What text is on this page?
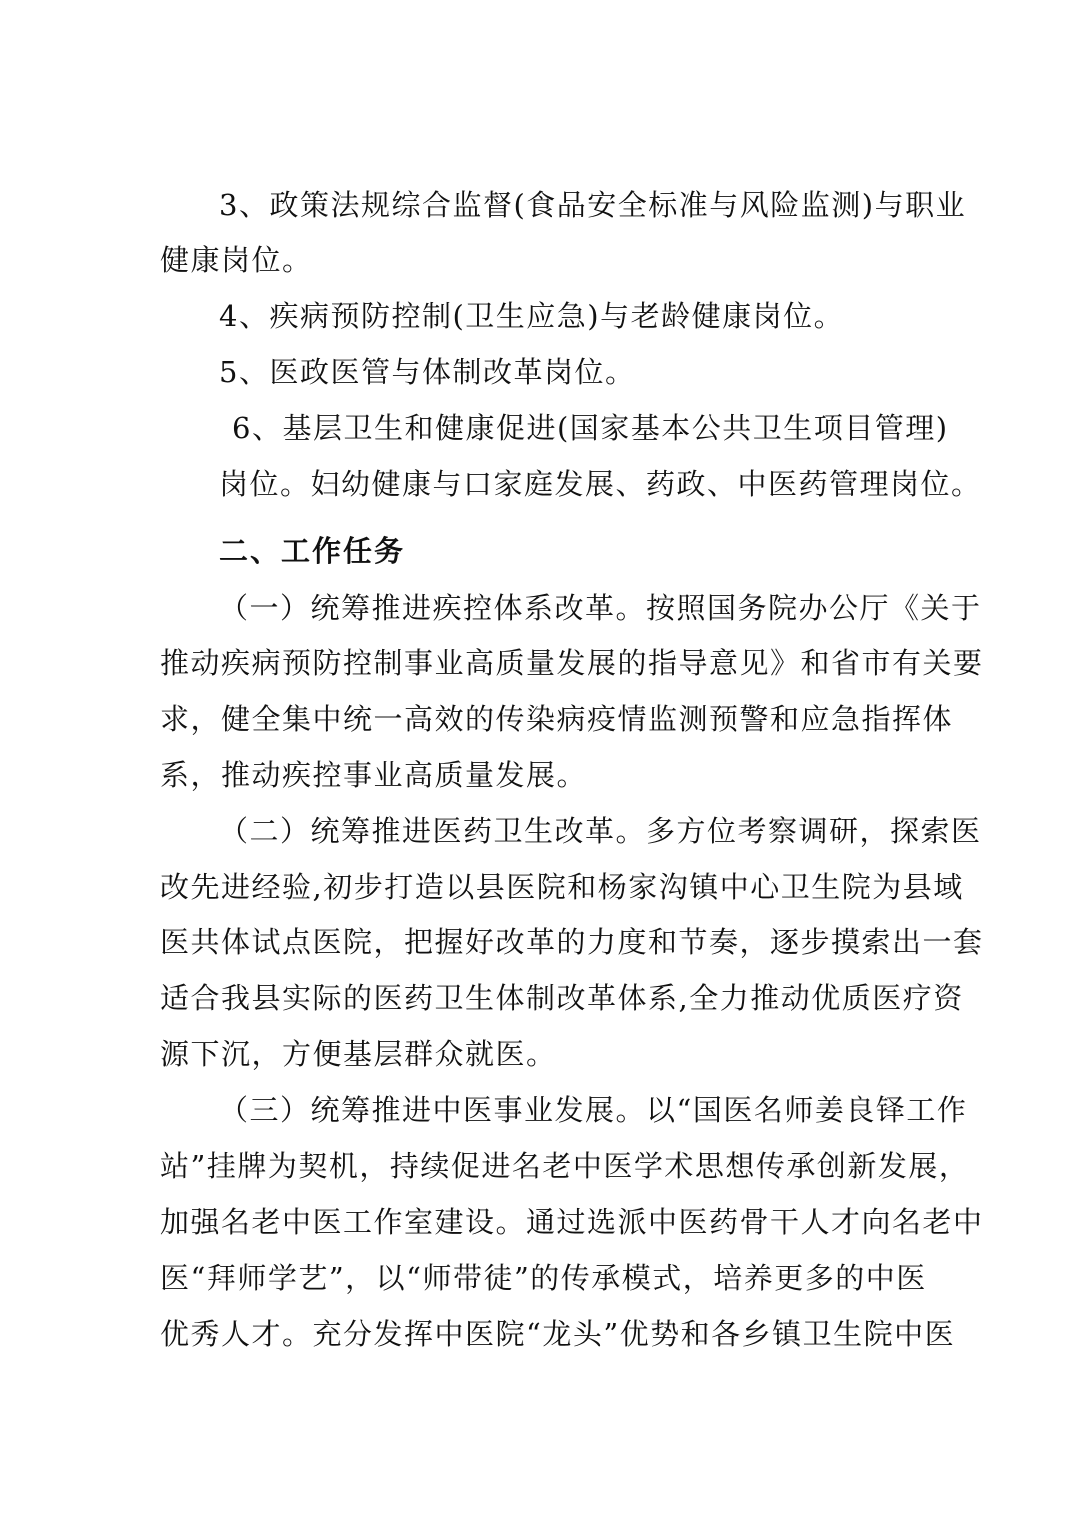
3、政策法规综合监督(食品安全标准与风险监测)与职业
健康岗位。
4、疾病预防控制(卫生应急)与老龄健康岗位。
5、医政医管与体制改革岗位。
6、基层卫生和健康促进(国家基本公共卫生项目管理)
岗位。妇幼健康与口家庭发展、药政、中医药管理岗位。
二、工作任务
（一）统筹推进疾控体系改革。按照国务院办公厅《关于
推动疾病预防控制事业高质量发展的指导意见》和省市有关要
求，健全集中统一高效的传染病疫情监测预警和应急指挥体
系，推动疾控事业高质量发展。
（二）统筹推进医药卫生改革。多方位考察调研，探索医
改先进经验,初步打造以县医院和杨家沟镇中心卫生院为县域
医共体试点医院，把握好改革的力度和节奏，逐步摸索出一套
适合我县实际的医药卫生体制改革体系,全力推动优质医疗资
源下沉，方便基层群众就医。
（三）统筹推进中医事业发展。以“国医名师姜良铎工作
站”挂牌为契机，持续促进名老中医学术思想传承创新发展，
加强名老中医工作室建设。通过选派中医药骨干人才向名老中
医“拜师学艺”，以“师带徒”的传承模式，培养更多的中医
优秀人才。充分发挥中医院“龙头”优势和各乡镇卫生院中医
